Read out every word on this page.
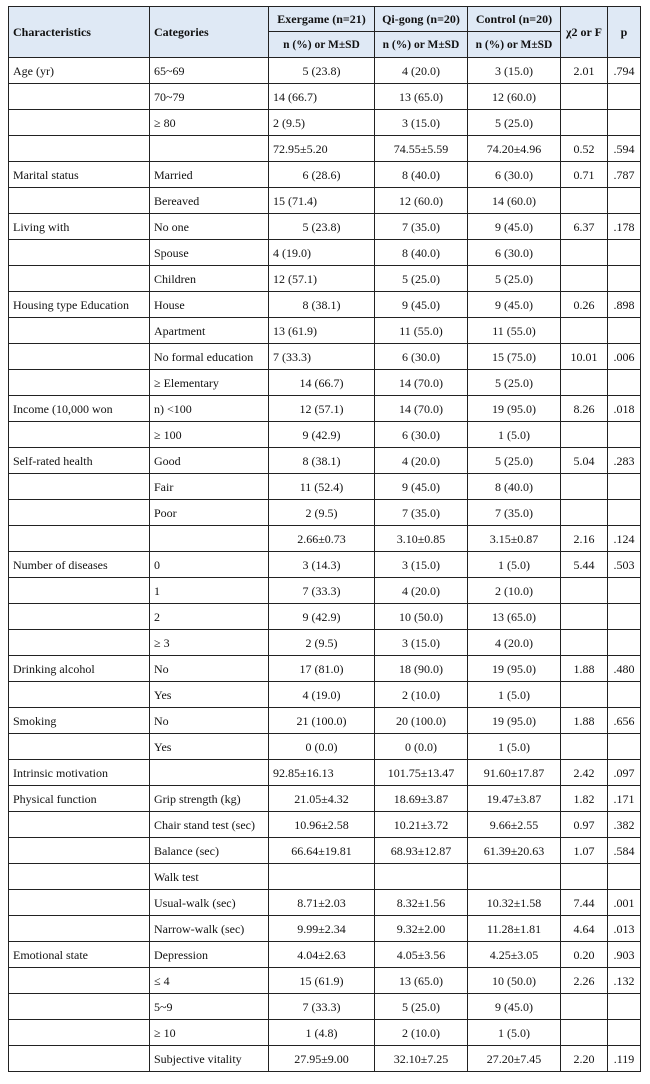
Characteristics	Categories	Exergame (n=21)	Qi-gong (n=20)	Control (n=20)	χ2 or F	p
		n (%) or M±SD	n (%) or M±SD	n (%) or M±SD		
Age (yr)	65~69	5 (23.8)	4 (20.0)	3 (15.0)	2.01	.794
	70~79	14 (66.7)	13 (65.0)	12 (60.0)		
	≥ 80	2 (9.5)	3 (15.0)	5 (25.0)		
		72.95±5.20	74.55±5.59	74.20±4.96	0.52	.594
Marital status	Married	6 (28.6)	8 (40.0)	6 (30.0)	0.71	.787
	Bereaved	15 (71.4)	12 (60.0)	14 (60.0)		
Living with	No one	5 (23.8)	7 (35.0)	9 (45.0)	6.37	.178
	Spouse	4 (19.0)	8 (40.0)	6 (30.0)		
	Children	12 (57.1)	5 (25.0)	5 (25.0)		
Housing type Education	House	8 (38.1)	9 (45.0)	9 (45.0)	0.26	.898
	Apartment	13 (61.9)	11 (55.0)	11 (55.0)		
	No formal education	7 (33.3)	6 (30.0)	15 (75.0)	10.01	.006
	≥ Elementary	14 (66.7)	14 (70.0)	5 (25.0)		
Income (10,000 won	n) <100	12 (57.1)	14 (70.0)	19 (95.0)	8.26	.018
	≥ 100	9 (42.9)	6 (30.0)	1 (5.0)		
Self-rated health	Good	8 (38.1)	4 (20.0)	5 (25.0)	5.04	.283
	Fair	11 (52.4)	9 (45.0)	8 (40.0)		
	Poor	2 (9.5)	7 (35.0)	7 (35.0)		
		2.66±0.73	3.10±0.85	3.15±0.87	2.16	.124
Number of diseases	0	3 (14.3)	3 (15.0)	1 (5.0)	5.44	.503
	1	7 (33.3)	4 (20.0)	2 (10.0)		
	2	9 (42.9)	10 (50.0)	13 (65.0)		
	≥ 3	2 (9.5)	3 (15.0)	4 (20.0)		
Drinking alcohol	No	17 (81.0)	18 (90.0)	19 (95.0)	1.88	.480
	Yes	4 (19.0)	2 (10.0)	1 (5.0)		
Smoking	No	21 (100.0)	20 (100.0)	19 (95.0)	1.88	.656
	Yes	0 (0.0)	0 (0.0)	1 (5.0)		
Intrinsic motivation		92.85±16.13	101.75±13.47	91.60±17.87	2.42	.097
Physical function	Grip strength (kg)	21.05±4.32	18.69±3.87	19.47±3.87	1.82	.171
	Chair stand test (sec)	10.96±2.58	10.21±3.72	9.66±2.55	0.97	.382
	Balance (sec)	66.64±19.81	68.93±12.87	61.39±20.63	1.07	.584
	Walk test					
	Usual-walk (sec)	8.71±2.03	8.32±1.56	10.32±1.58	7.44	.001
	Narrow-walk (sec)	9.99±2.34	9.32±2.00	11.28±1.81	4.64	.013
Emotional state	Depression	4.04±2.63	4.05±3.56	4.25±3.05	0.20	.903
	≤ 4	15 (61.9)	13 (65.0)	10 (50.0)	2.26	.132
	5~9	7 (33.3)	5 (25.0)	9 (45.0)		
	≥ 10	1 (4.8)	2 (10.0)	1 (5.0)		
	Subjective vitality	27.95±9.00	32.10±7.25	27.20±7.45	2.20	.119
